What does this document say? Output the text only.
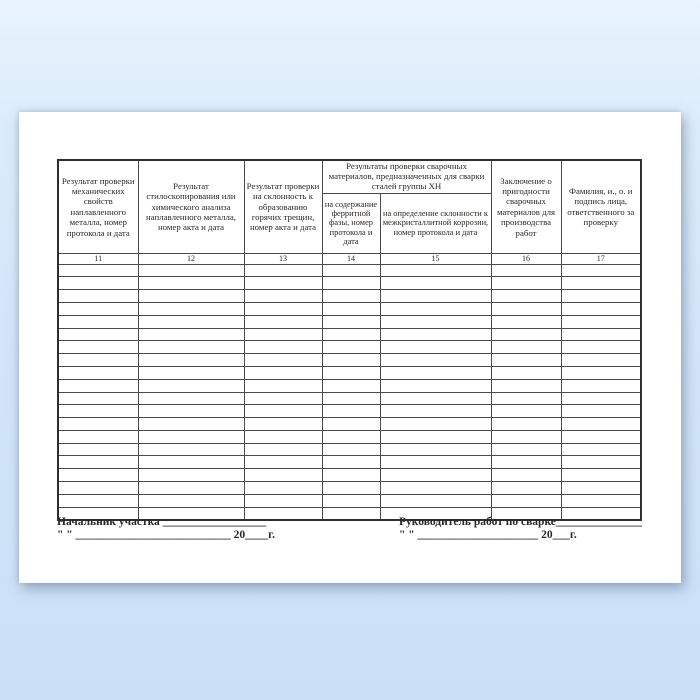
Результат проверки механических свойств наплавленного металла, номер протокола и дата	Результат стилоскопирования или химического анализа наплавленного металла, номер акта и дата	Результат проверки на склонность к образованию горячих трещин, номер акта и дата	Результаты проверки сварочных материалов, предназначенных для сварки сталей группы ХН		Заключение о пригодности сварочных материалов для производства работ	Фамилия, и., о. и подпись лица, ответственного за проверку
			на содержание ферритной фазы, номер протокола и дата	на определение склонности к межкристаллитной коррозии, номер протокола и дата		
11	12	13	14	15	16	17

Начальник участка __________________
" " ___________________________ 20____г.
Руководитель работ по сварке_______________
" " _____________________ 20___г.
